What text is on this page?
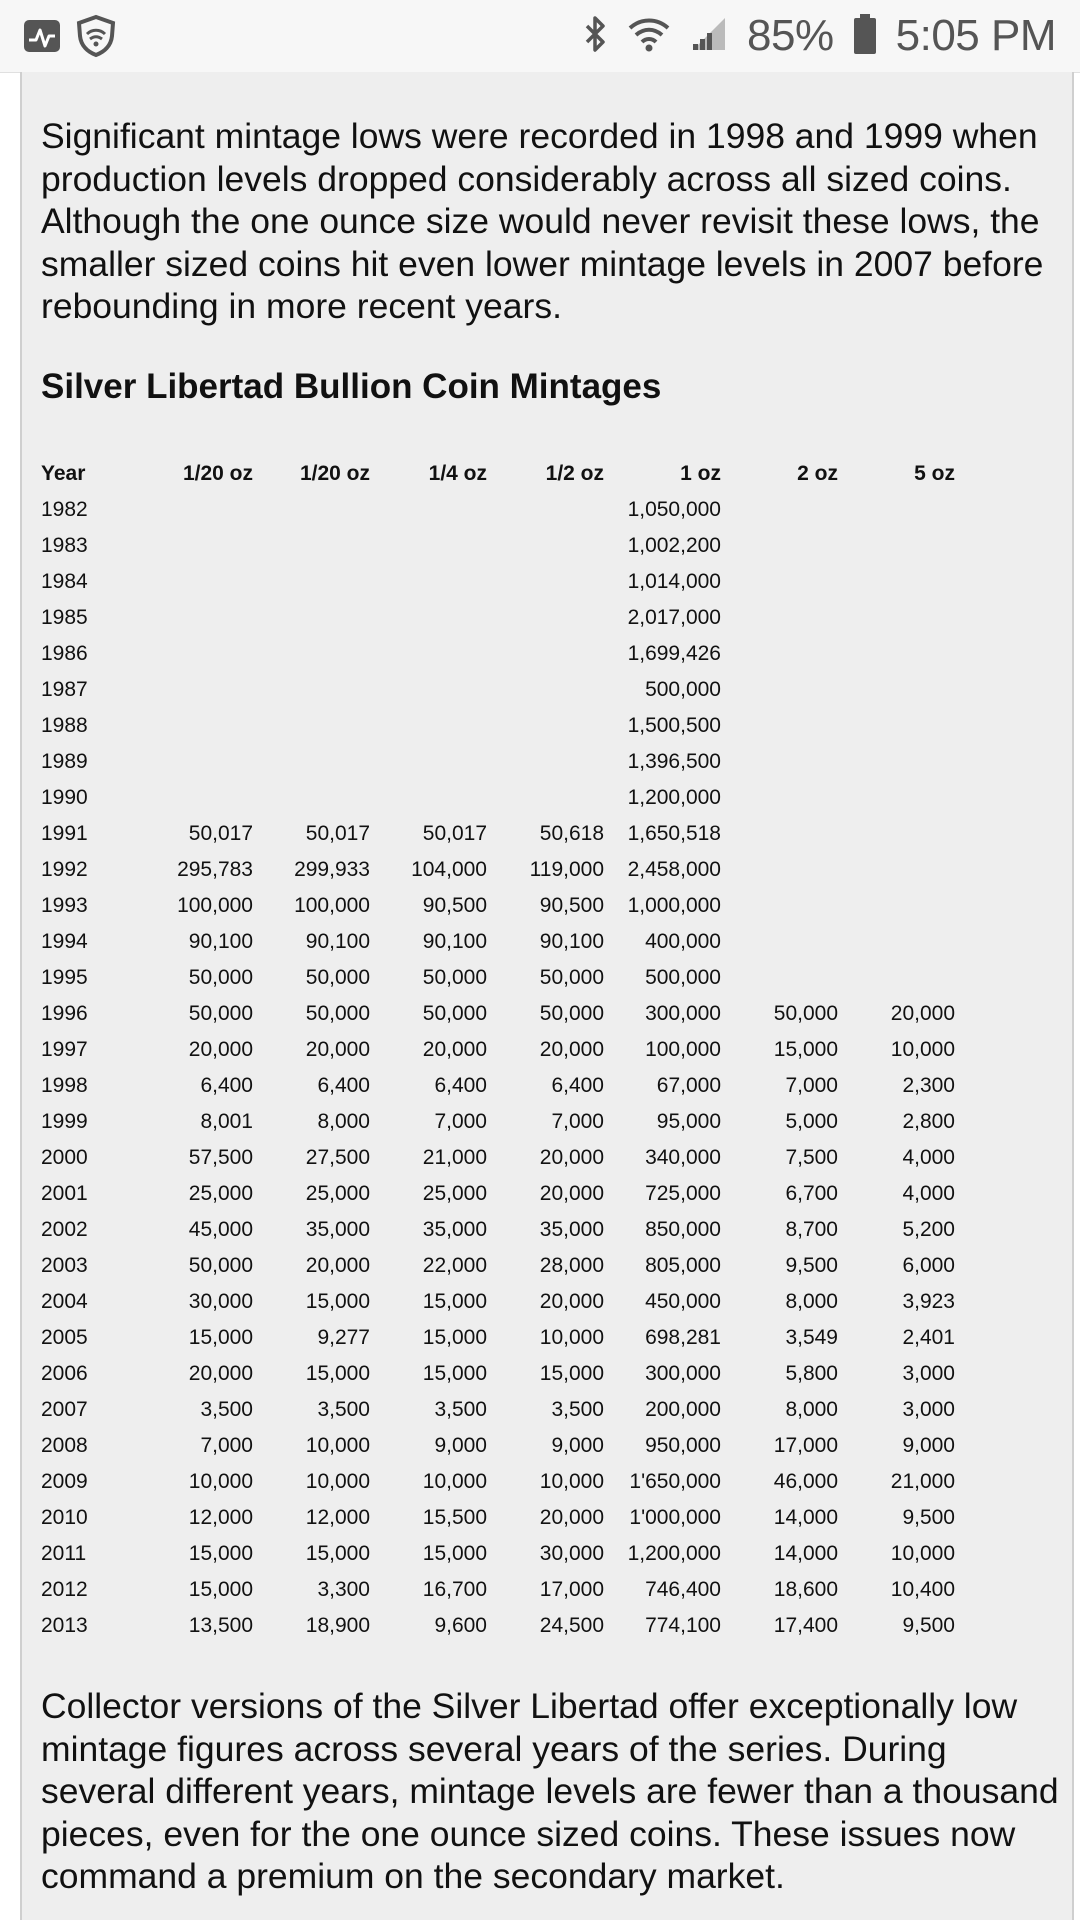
85% 5:05 PM

Significant mintage lows were recorded in 1998 and 1999 when production levels dropped considerably across all sized coins. Although the one ounce size would never revisit these lows, the smaller sized coins hit even lower mintage levels in 2007 before rebounding in more recent years.

Silver Libertad Bullion Coin Mintages
Year	1/20 oz	1/20 oz	1/4 oz	1/2 oz	1 oz	2 oz	5 oz
1982					1,050,000		
1983					1,002,200		
1984					1,014,000		
1985					2,017,000		
1986					1,699,426		
1987					500,000		
1988					1,500,500		
1989					1,396,500		
1990					1,200,000		
1991	50,017	50,017	50,017	50,618	1,650,518		
1992	295,783	299,933	104,000	119,000	2,458,000		
1993	100,000	100,000	90,500	90,500	1,000,000		
1994	90,100	90,100	90,100	90,100	400,000		
1995	50,000	50,000	50,000	50,000	500,000		
1996	50,000	50,000	50,000	50,000	300,000	50,000	20,000
1997	20,000	20,000	20,000	20,000	100,000	15,000	10,000
1998	6,400	6,400	6,400	6,400	67,000	7,000	2,300
1999	8,001	8,000	7,000	7,000	95,000	5,000	2,800
2000	57,500	27,500	21,000	20,000	340,000	7,500	4,000
2001	25,000	25,000	25,000	20,000	725,000	6,700	4,000
2002	45,000	35,000	35,000	35,000	850,000	8,700	5,200
2003	50,000	20,000	22,000	28,000	805,000	9,500	6,000
2004	30,000	15,000	15,000	20,000	450,000	8,000	3,923
2005	15,000	9,277	15,000	10,000	698,281	3,549	2,401
2006	20,000	15,000	15,000	15,000	300,000	5,800	3,000
2007	3,500	3,500	3,500	3,500	200,000	8,000	3,000
2008	7,000	10,000	9,000	9,000	950,000	17,000	9,000
2009	10,000	10,000	10,000	10,000	1'650,000	46,000	21,000
2010	12,000	12,000	15,500	20,000	1'000,000	14,000	9,500
2011	15,000	15,000	15,000	30,000	1,200,000	14,000	10,000
2012	15,000	3,300	16,700	17,000	746,400	18,600	10,400
2013	13,500	18,900	9,600	24,500	774,100	17,400	9,500

Collector versions of the Silver Libertad offer exceptionally low mintage figures across several years of the series. During several different years, mintage levels are fewer than a thousand pieces, even for the one ounce sized coins. These issues now command a premium on the secondary market.
